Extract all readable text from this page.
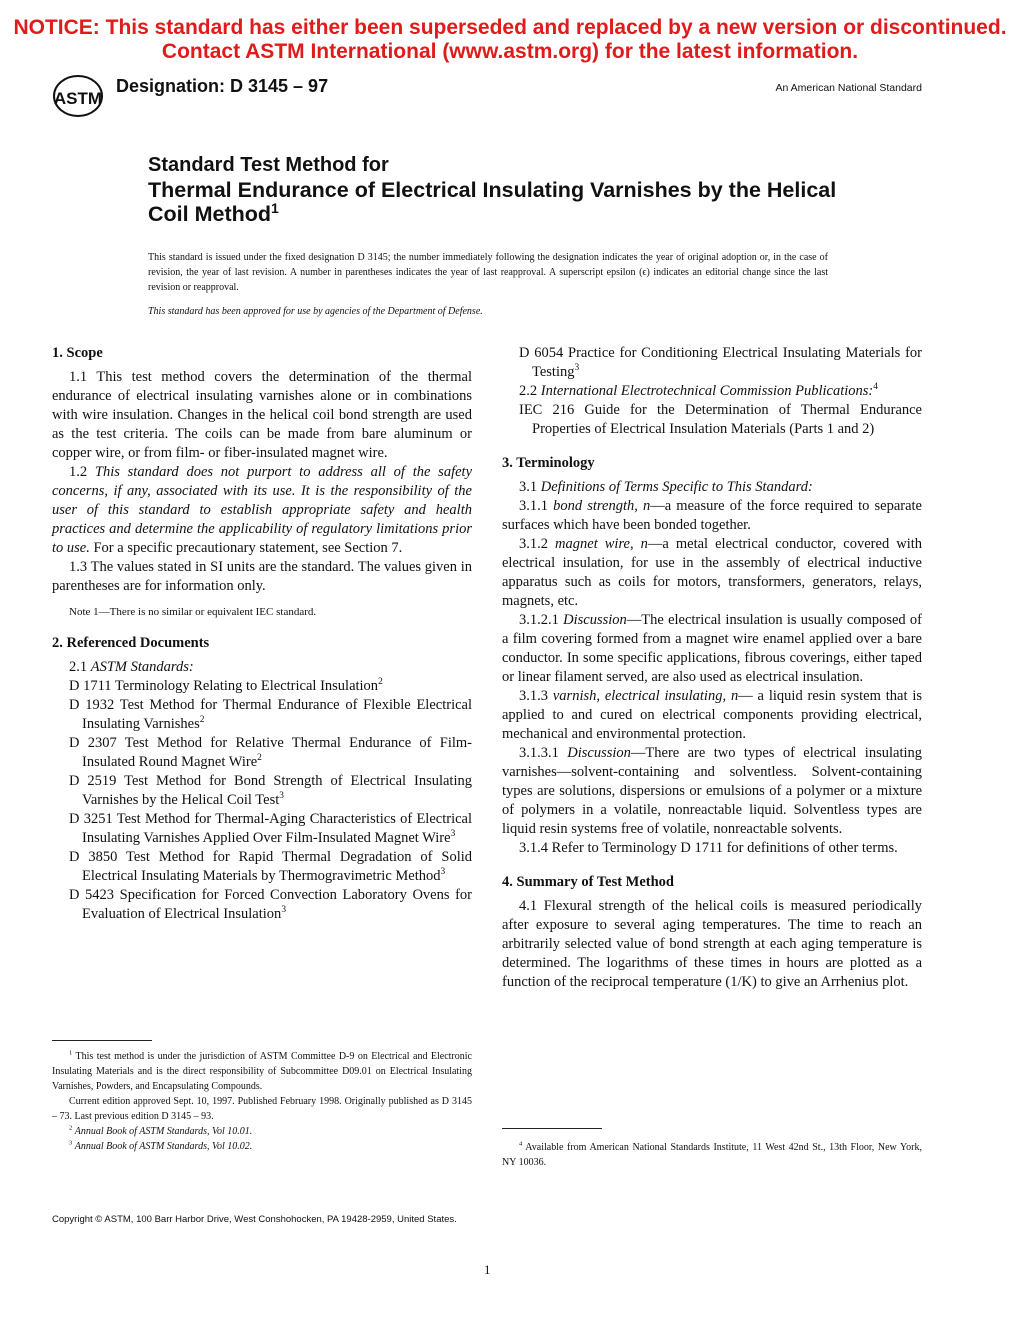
NOTICE: This standard has either been superseded and replaced by a new version or discontinued.
Contact ASTM International (www.astm.org) for the latest information.
ASTM
Designation: D 3145 – 97	An American National Standard
Standard Test Method for
Thermal Endurance of Electrical Insulating Varnishes by the Helical Coil Method$^1$
This standard is issued under the fixed designation D 3145; the number immediately following the designation indicates the year of original adoption or, in the case of revision, the year of last revision. A number in parentheses indicates the year of last reapproval. A superscript epsilon (ϵ) indicates an editorial change since the last revision or reapproval.
This standard has been approved for use by agencies of the Department of Defense.

1. Scope

1.1 This test method covers the determination of the thermal endurance of electrical insulating varnishes alone or in combinations with wire insulation. Changes in the helical coil bond strength are used as the test criteria. The coils can be made from bare aluminum or copper wire, or from film- or fiber-insulated magnet wire.

1.2 This standard does not purport to address all of the safety concerns, if any, associated with its use. It is the responsibility of the user of this standard to establish appropriate safety and health practices and determine the applicability of regulatory limitations prior to use. For a specific precautionary statement, see Section 7.

1.3 The values stated in SI units are the standard. The values given in parentheses are for information only.

Note 1—There is no similar or equivalent IEC standard.

2. Referenced Documents

2.1 ASTM Standards:

D 1711 Terminology Relating to Electrical Insulation$^2$

D 1932 Test Method for Thermal Endurance of Flexible Electrical Insulating Varnishes$^2$

D 2307 Test Method for Relative Thermal Endurance of Film-Insulated Round Magnet Wire$^2$

D 2519 Test Method for Bond Strength of Electrical Insulating Varnishes by the Helical Coil Test$^3$

D 3251 Test Method for Thermal-Aging Characteristics of Electrical Insulating Varnishes Applied Over Film-Insulated Magnet Wire$^3$

D 3850 Test Method for Rapid Thermal Degradation of Solid Electrical Insulating Materials by Thermogravimetric Method$^3$

D 5423 Specification for Forced Convection Laboratory Ovens for Evaluation of Electrical Insulation$^3$

$^1$ This test method is under the jurisdiction of ASTM Committee D-9 on Electrical and Electronic Insulating Materials and is the direct responsibility of Subcommittee D09.01 on Electrical Insulating Varnishes, Powders, and Encapsulating Compounds.

Current edition approved Sept. 10, 1997. Published February 1998. Originally published as D 3145 – 73. Last previous edition D 3145 – 93.

$^2$ Annual Book of ASTM Standards, Vol 10.01.

$^3$ Annual Book of ASTM Standards, Vol 10.02.

D 6054 Practice for Conditioning Electrical Insulating Materials for Testing$^3$

2.2 International Electrotechnical Commission Publications:$^4$

IEC 216 Guide for the Determination of Thermal Endurance Properties of Electrical Insulation Materials (Parts 1 and 2)

3. Terminology

3.1 Definitions of Terms Specific to This Standard:

3.1.1 bond strength, n—a measure of the force required to separate surfaces which have been bonded together.

3.1.2 magnet wire, n—a metal electrical conductor, covered with electrical insulation, for use in the assembly of electrical inductive apparatus such as coils for motors, transformers, generators, relays, magnets, etc.

3.1.2.1 Discussion—The electrical insulation is usually composed of a film covering formed from a magnet wire enamel applied over a bare conductor. In some specific applications, fibrous coverings, either taped or linear filament served, are also used as electrical insulation.

3.1.3 varnish, electrical insulating, n— a liquid resin system that is applied to and cured on electrical components providing electrical, mechanical and environmental protection.

3.1.3.1 Discussion—There are two types of electrical insulating varnishes—solvent-containing and solventless. Solvent-containing types are solutions, dispersions or emulsions of a polymer or a mixture of polymers in a volatile, nonreactable liquid. Solventless types are liquid resin systems free of volatile, nonreactable solvents.

3.1.4 Refer to Terminology D 1711 for definitions of other terms.

4. Summary of Test Method

4.1 Flexural strength of the helical coils is measured periodically after exposure to several aging temperatures. The time to reach an arbitrarily selected value of bond strength at each aging temperature is determined. The logarithms of these times in hours are plotted as a function of the reciprocal temperature (1/K) to give an Arrhenius plot.

$^4$ Available from American National Standards Institute, 11 West 42nd St., 13th Floor, New York, NY 10036.

Copyright © ASTM, 100 Barr Harbor Drive, West Conshohocken, PA 19428-2959, United States.
1
